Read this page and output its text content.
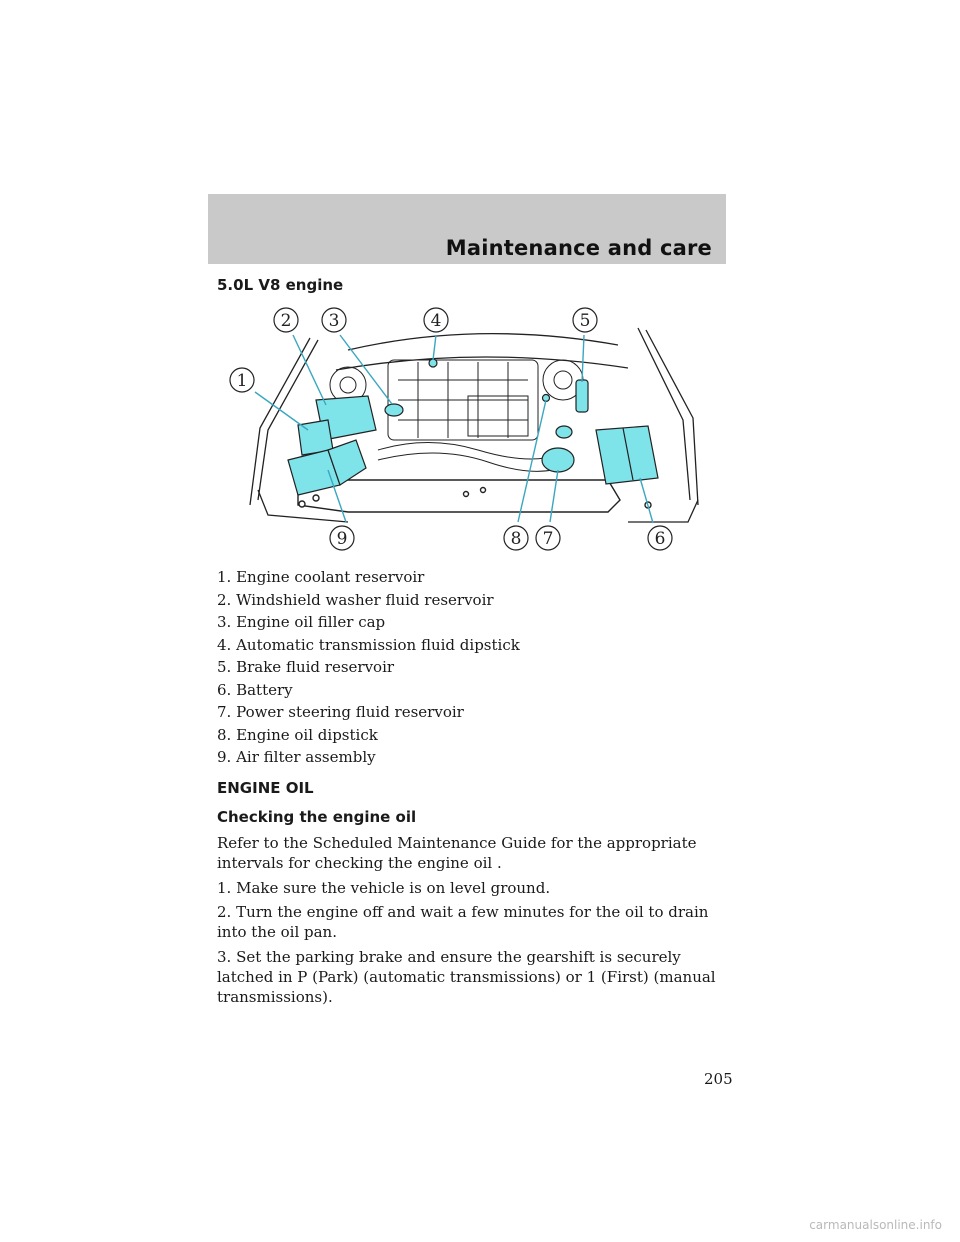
Maintenance and care
5.0L V8 engine
1
2 3	4	5
6
7
8
9
1. Engine coolant reservoir
2. Windshield washer fluid reservoir
3. Engine oil filler cap
4. Automatic transmission fluid dipstick
5. Brake fluid reservoir
6. Battery
7. Power steering fluid reservoir
8. Engine oil dipstick
9. Air filter assembly
ENGINE OIL
Checking the engine oil

Refer to the Scheduled Maintenance Guide for the appropriate intervals for checking the engine oil .

1. Make sure the vehicle is on level ground.

2. Turn the engine off and wait a few minutes for the oil to drain into the oil pan.

3. Set the parking brake and ensure the gearshift is securely latched in P (Park) (automatic transmissions) or 1 (First) (manual transmissions).

205
carmanualsonline.info
